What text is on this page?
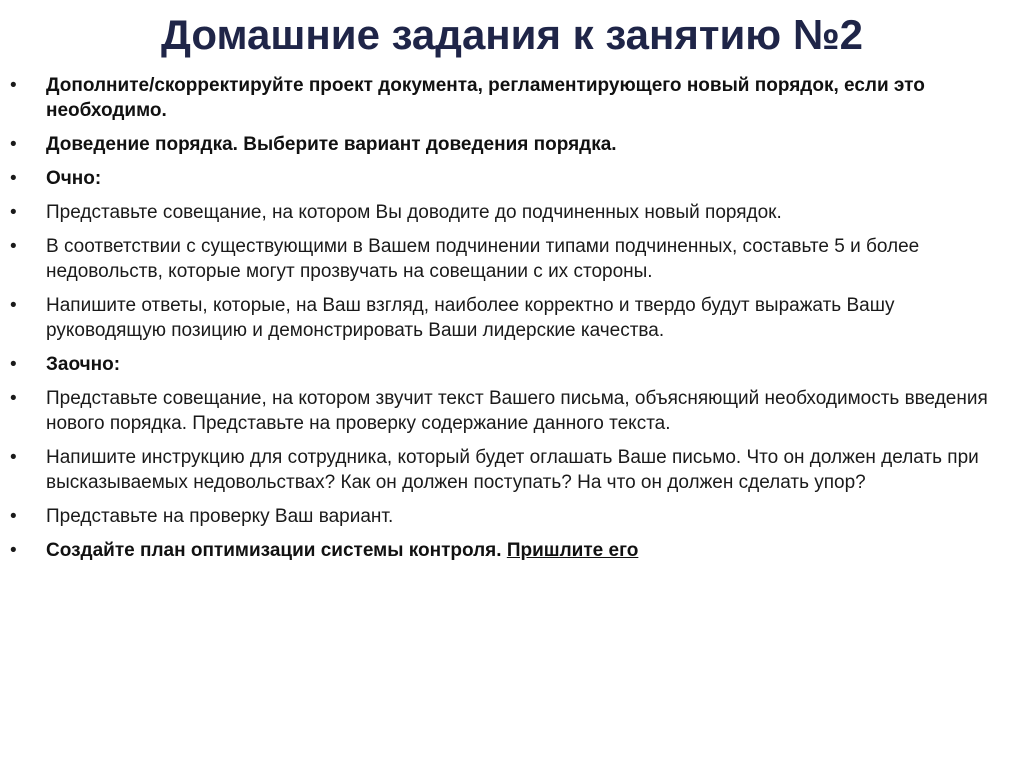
Домашние задания к занятию №2
•	Дополните/скорректируйте проект документа, регламентирующего новый порядок, если это необходимо.
•	Доведение порядка. Выберите вариант доведения порядка.
•	Очно:
•	Представьте совещание, на котором Вы доводите до подчиненных новый порядок.
•	В соответствии с существующими в Вашем подчинении типами подчиненных, составьте 5 и более недовольств, которые могут прозвучать на совещании с их стороны.
•	Напишите ответы, которые, на Ваш взгляд, наиболее корректно и твердо будут выражать Вашу руководящую позицию и демонстрировать Ваши лидерские качества.
•	Заочно:
•	Представьте совещание, на котором звучит текст Вашего письма, объясняющий необходимость введения нового порядка. Представьте на проверку содержание данного текста.
•	Напишите инструкцию для сотрудника, который будет оглашать Ваше письмо. Что он должен делать при высказываемых недовольствах? Как он должен поступать? На что он должен сделать упор?
•	Представьте на проверку Ваш вариант.
•	Создайте план оптимизации системы контроля. Пришлите его
